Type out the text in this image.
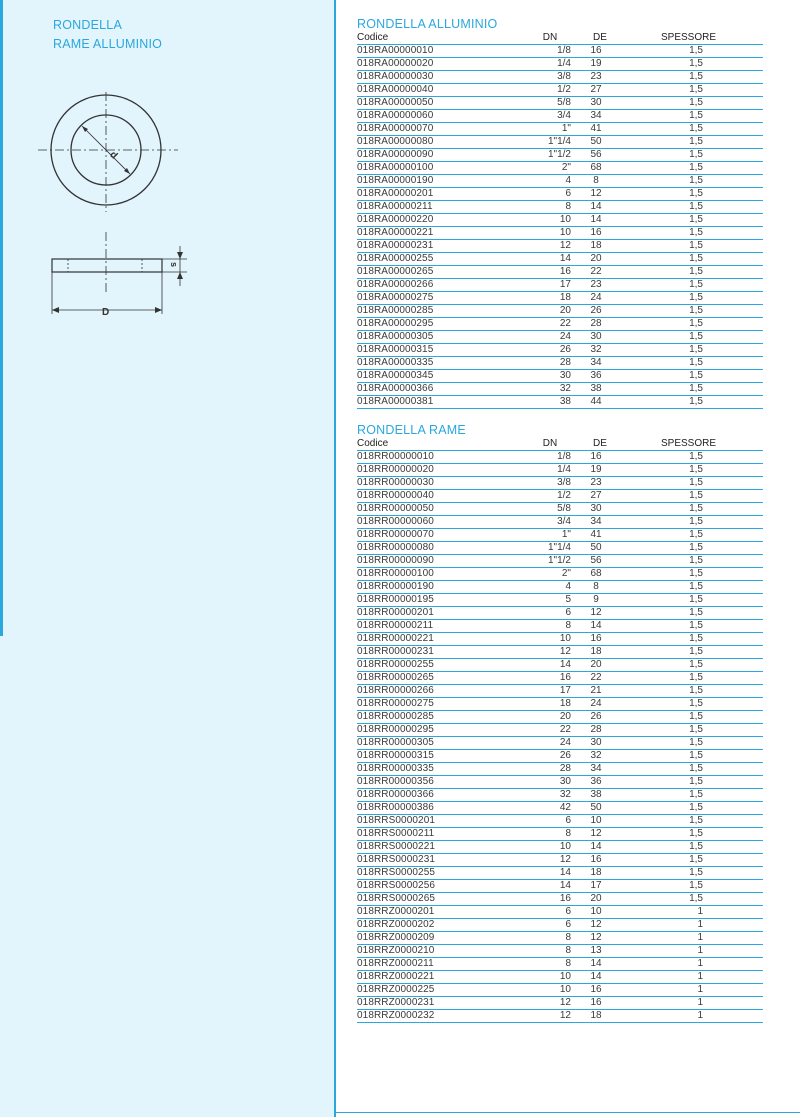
RONDELLA
RAME ALLUMINIO
d
D
s
RONDELLA ALLUMINIO
Codice	DN	DE	SPESSORE
018RA00000010	1/8	16	1,5
018RA00000020	1/4	19	1,5
018RA00000030	3/8	23	1,5
018RA00000040	1/2	27	1,5
018RA00000050	5/8	30	1,5
018RA00000060	3/4	34	1,5
018RA00000070	1"	41	1,5
018RA00000080	1"1/4	50	1,5
018RA00000090	1"1/2	56	1,5
018RA00000100	2"	68	1,5
018RA00000190	4	8	1,5
018RA00000201	6	12	1,5
018RA00000211	8	14	1,5
018RA00000220	10	14	1,5
018RA00000221	10	16	1,5
018RA00000231	12	18	1,5
018RA00000255	14	20	1,5
018RA00000265	16	22	1,5
018RA00000266	17	23	1,5
018RA00000275	18	24	1,5
018RA00000285	20	26	1,5
018RA00000295	22	28	1,5
018RA00000305	24	30	1,5
018RA00000315	26	32	1,5
018RA00000335	28	34	1,5
018RA00000345	30	36	1,5
018RA00000366	32	38	1,5
018RA00000381	38	44	1,5
RONDELLA RAME
Codice	DN	DE	SPESSORE
018RR00000010	1/8	16	1,5
018RR00000020	1/4	19	1,5
018RR00000030	3/8	23	1,5
018RR00000040	1/2	27	1,5
018RR00000050	5/8	30	1,5
018RR00000060	3/4	34	1,5
018RR00000070	1"	41	1,5
018RR00000080	1"1/4	50	1,5
018RR00000090	1"1/2	56	1,5
018RR00000100	2"	68	1,5
018RR00000190	4	8	1,5
018RR00000195	5	9	1,5
018RR00000201	6	12	1,5
018RR00000211	8	14	1,5
018RR00000221	10	16	1,5
018RR00000231	12	18	1,5
018RR00000255	14	20	1,5
018RR00000265	16	22	1,5
018RR00000266	17	21	1,5
018RR00000275	18	24	1,5
018RR00000285	20	26	1,5
018RR00000295	22	28	1,5
018RR00000305	24	30	1,5
018RR00000315	26	32	1,5
018RR00000335	28	34	1,5
018RR00000356	30	36	1,5
018RR00000366	32	38	1,5
018RR00000386	42	50	1,5
018RRS0000201	6	10	1,5
018RRS0000211	8	12	1,5
018RRS0000221	10	14	1,5
018RRS0000231	12	16	1,5
018RRS0000255	14	18	1,5
018RRS0000256	14	17	1,5
018RRS0000265	16	20	1,5
018RRZ0000201	6	10	1
018RRZ0000202	6	12	1
018RRZ0000209	8	12	1
018RRZ0000210	8	13	1
018RRZ0000211	8	14	1
018RRZ0000221	10	14	1
018RRZ0000225	10	16	1
018RRZ0000231	12	16	1
018RRZ0000232	12	18	1
